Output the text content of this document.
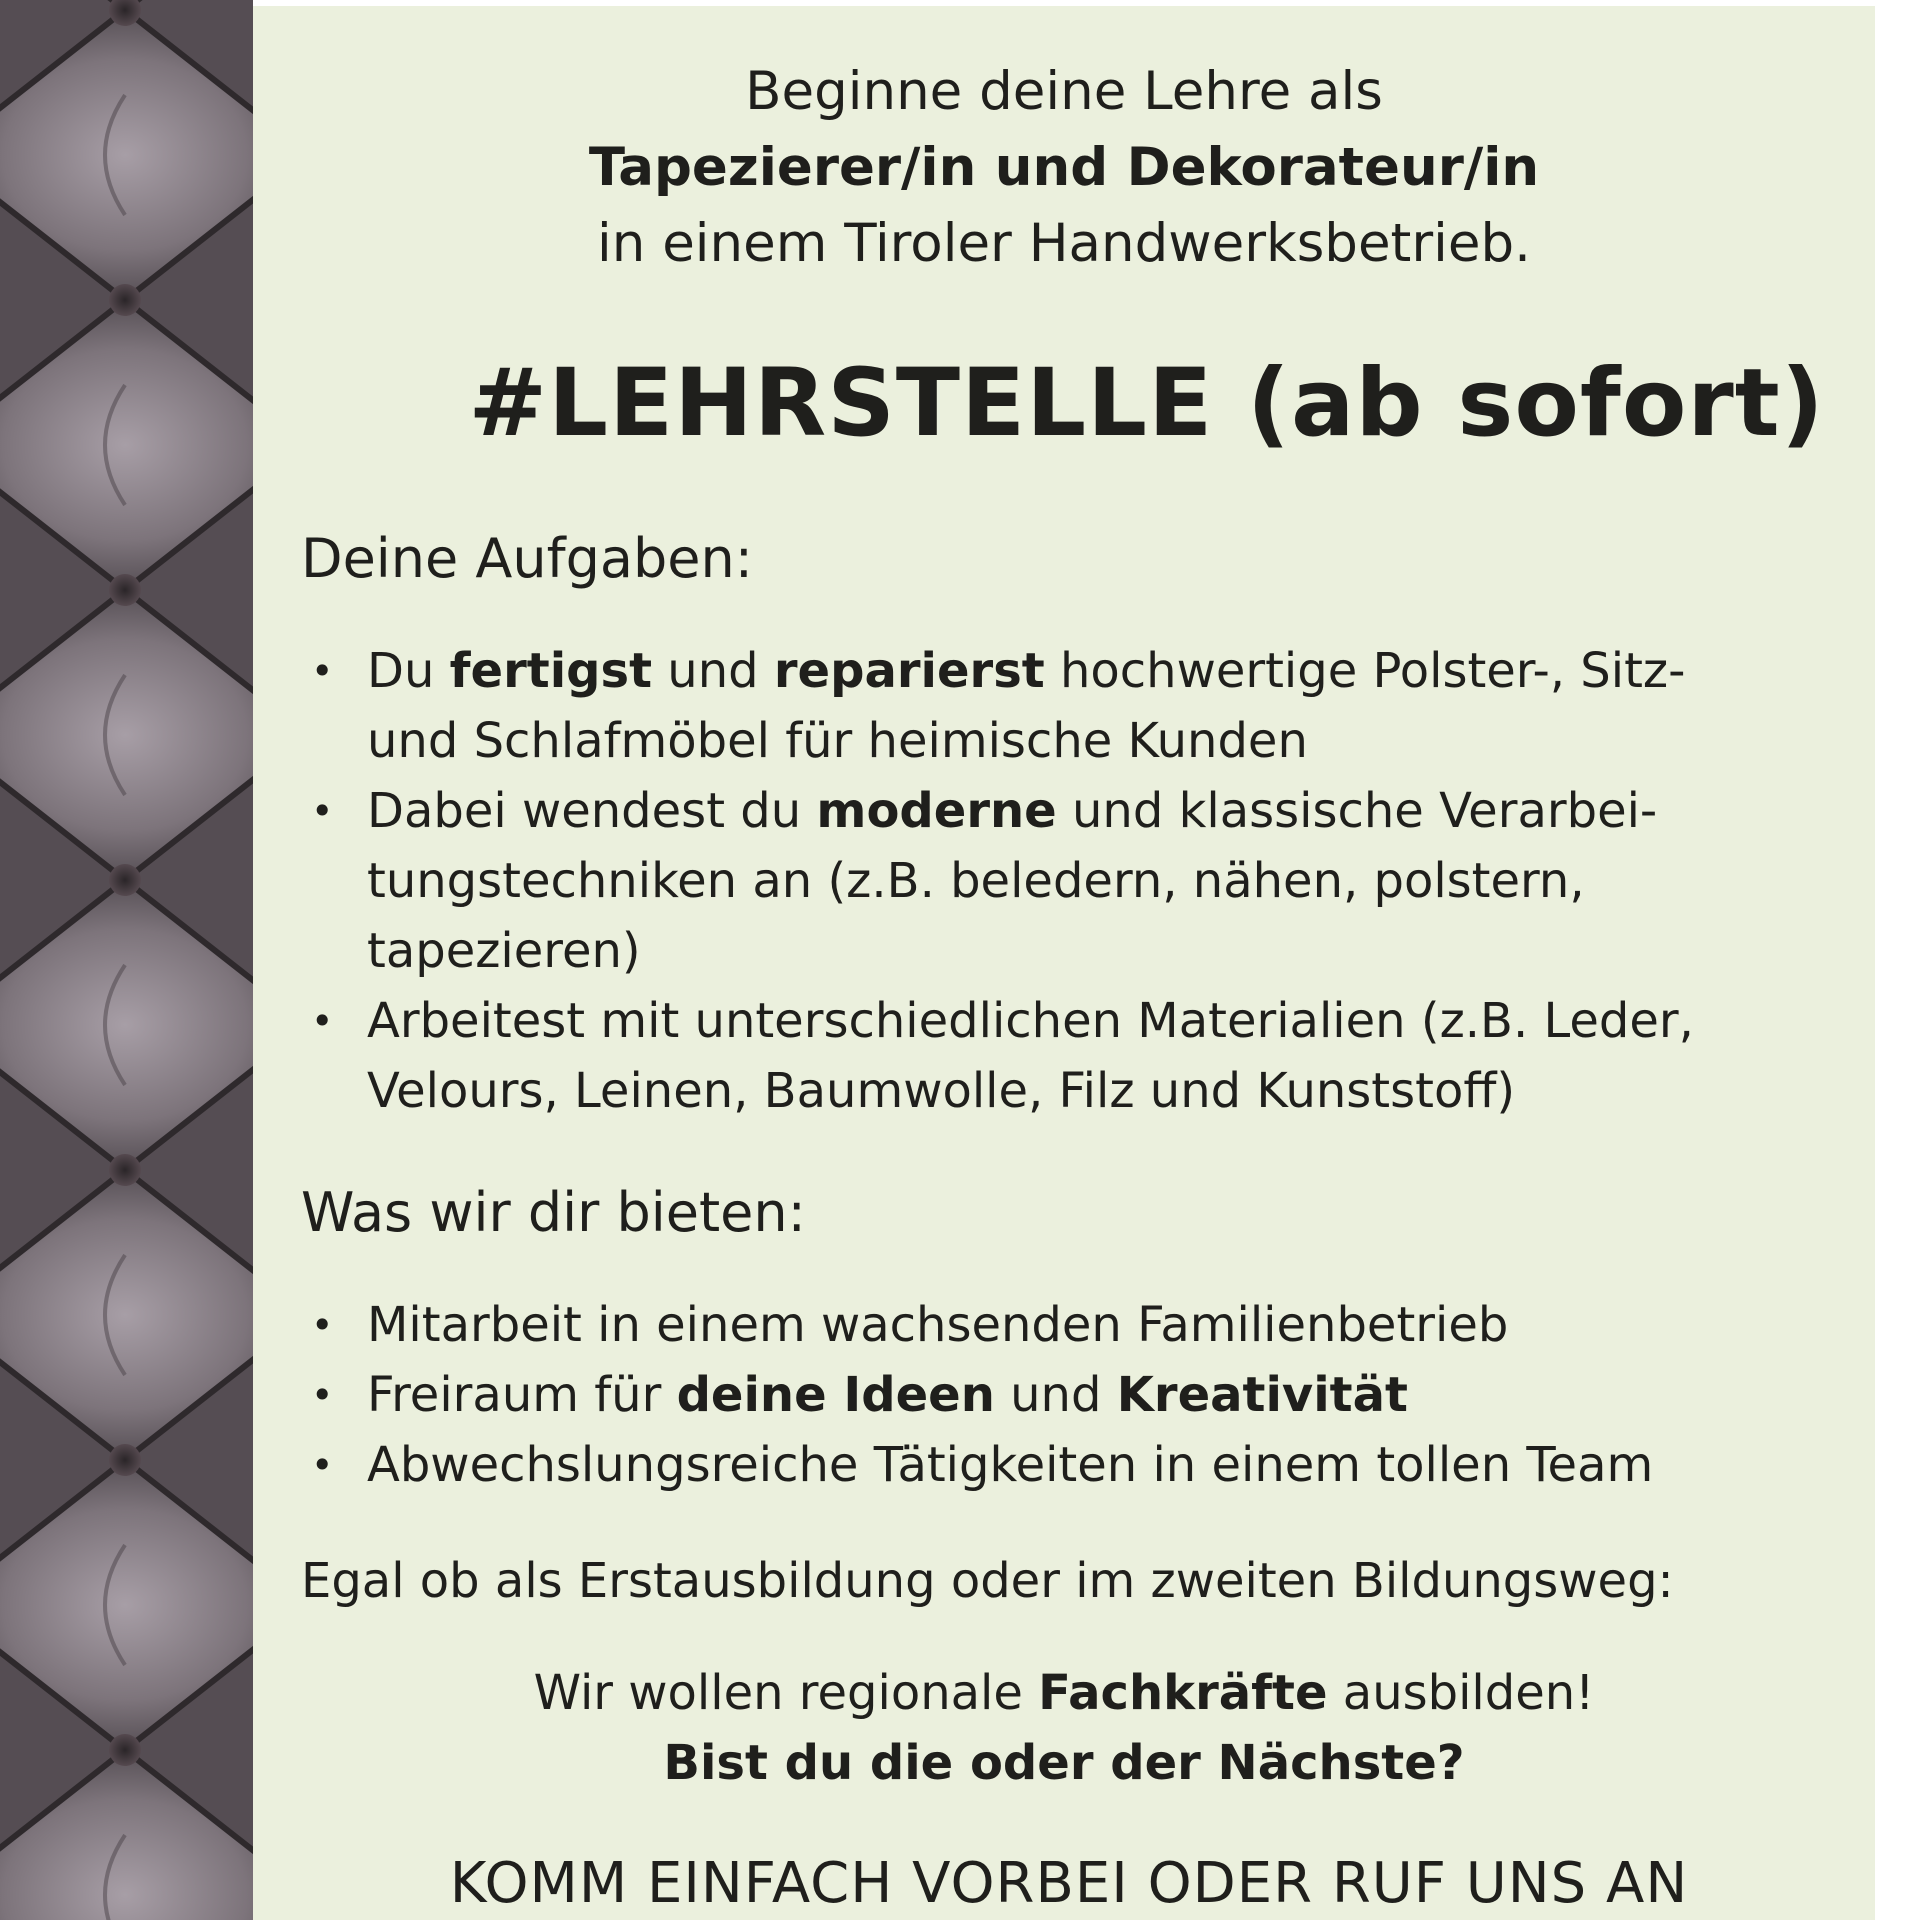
Beginne deine Lehre als
Tapezierer/in und Dekorateur/in
in einem Tiroler Handwerksbetrieb.
#LEHRSTELLE (ab sofort)
Deine Aufgaben:
• Du fertigst und reparierst hochwertige Polster-, Sitz-
und Schlafmöbel für heimische Kunden
• Dabei wendest du moderne und klassische Verarbei-
tungstechniken an (z.B. beledern, nähen, polstern,
tapezieren)
• Arbeitest mit unterschiedlichen Materialien (z.B. Leder,
Velours, Leinen, Baumwolle, Filz und Kunststoff)
Was wir dir bieten:
• Mitarbeit in einem wachsenden Familienbetrieb
• Freiraum für deine Ideen und Kreativität
• Abwechslungsreiche Tätigkeiten in einem tollen Team
Egal ob als Erstausbildung oder im zweiten Bildungsweg:
Wir wollen regionale Fachkräfte ausbilden!
Bist du die oder der Nächste?
KOMM EINFACH VORBEI ODER RUF UNS AN
